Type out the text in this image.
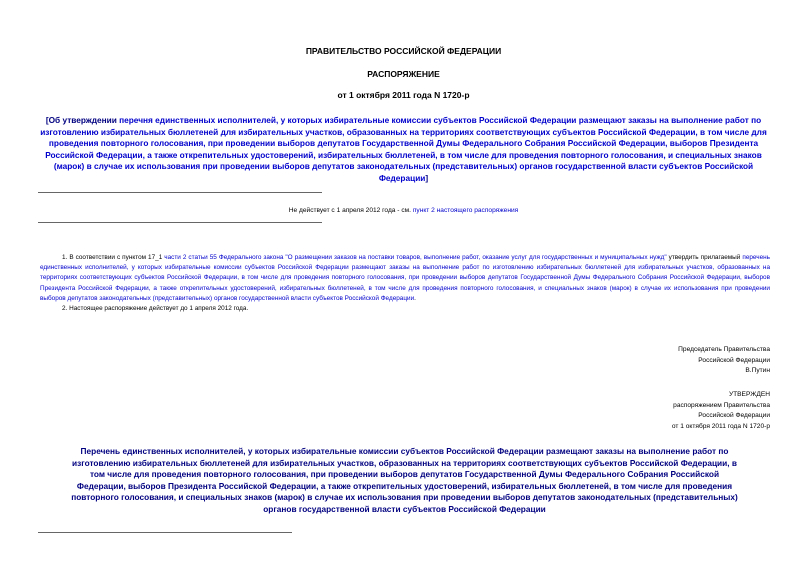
ПРАВИТЕЛЬСТВО РОССИЙСКОЙ ФЕДЕРАЦИИ
РАСПОРЯЖЕНИЕ
от 1 октября 2011 года N 1720-р
[Об утверждении перечня единственных исполнителей, у которых избирательные комиссии субъектов Российской Федерации размещают заказы на выполнение работ по изготовлению избирательных бюллетеней для избирательных участков, образованных на территориях соответствующих субъектов Российской Федерации, в том числе для проведения повторного голосования, при проведении выборов депутатов Государственной Думы Федерального Собрания Российской Федерации, выборов Президента Российской Федерации, а также открепительных удостоверений, избирательных бюллетеней, в том числе для проведения повторного голосования, и специальных знаков (марок) в случае их использования при проведении выборов депутатов законодательных (представительных) органов государственной власти субъектов Российской Федерации]
Не действует с 1 апреля 2012 года - см. пункт 2 настоящего распоряжения

1. В соответствии с пунктом 17_1 части 2 статьи 55 Федерального закона "О размещении заказов на поставки товаров, выполнение работ, оказание услуг для государственных и муниципальных нужд" утвердить прилагаемый перечень единственных исполнителей, у которых избирательные комиссии субъектов Российской Федерации размещают заказы на выполнение работ по изготовлению избирательных бюллетеней для избирательных участков, образованных на территориях соответствующих субъектов Российской Федерации, в том числе для проведения повторного голосования, при проведении выборов депутатов Государственной Думы Федерального Собрания Российской Федерации, выборов Президента Российской Федерации, а также открепительных удостоверений, избирательных бюллетеней, в том числе для проведения повторного голосования, и специальных знаков (марок) в случае их использования при проведении выборов депутатов законодательных (представительных) органов государственной власти субъектов Российской Федерации.

2. Настоящее распоряжение действует до 1 апреля 2012 года.

Председатель Правительства
Российской Федерации
В.Путин
УТВЕРЖДЕН
распоряжением Правительства
Российской Федерации
от 1 октября 2011 года N 1720-р
Перечень единственных исполнителей, у которых избирательные комиссии субъектов Российской Федерации размещают заказы на выполнение работ по изготовлению избирательных бюллетеней для избирательных участков, образованных на территориях соответствующих субъектов Российской Федерации, в том числе для проведения повторного голосования, при проведении выборов депутатов Государственной Думы Федерального Собрания Российской Федерации, выборов Президента Российской Федерации, а также открепительных удостоверений, избирательных бюллетеней, в том числе для проведения повторного голосования, и специальных знаков (марок) в случае их использования при проведении выборов депутатов законодательных (представительных) органов государственной власти субъектов Российской Федерации
